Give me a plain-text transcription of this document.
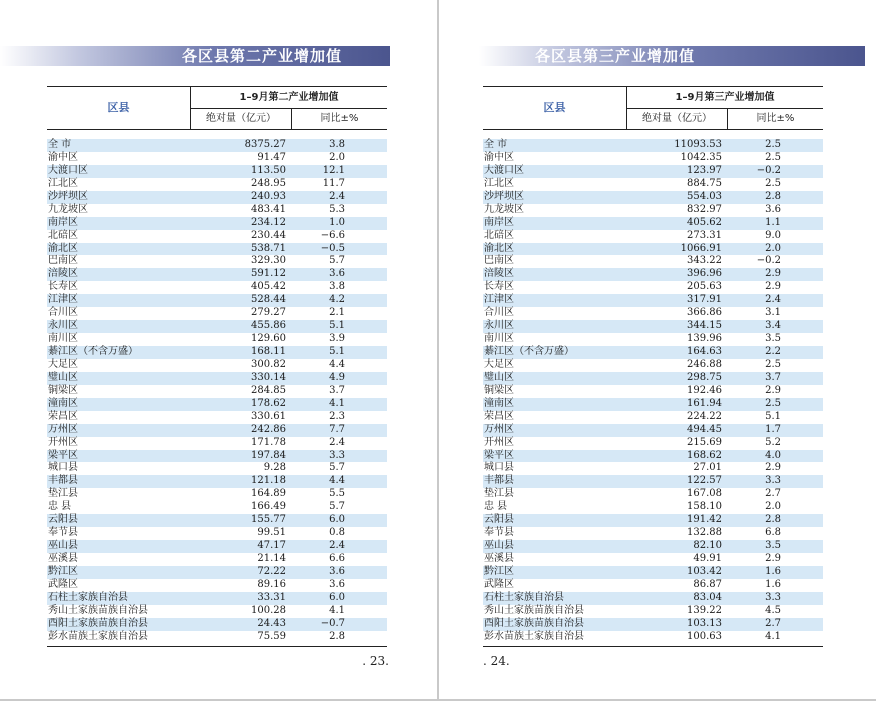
各区县第二产业增加值
区县
1–9月第二产业增加值
绝对量（亿元）	同比±%
全 市	8375.27	3.8
渝中区	91.47	2.0
大渡口区	113.50	12.1
江北区	248.95	11.7
沙坪坝区	240.93	2.4
九龙坡区	483.41	5.3
南岸区	234.12	1.0
北碚区	230.44	−6.6
渝北区	538.71	−0.5
巴南区	329.30	5.7
涪陵区	591.12	3.6
长寿区	405.42	3.8
江津区	528.44	4.2
合川区	279.27	2.1
永川区	455.86	5.1
南川区	129.60	3.9
綦江区（不含万盛）	168.11	5.1
大足区	300.82	4.4
璧山区	330.14	4.9
铜梁区	284.85	3.7
潼南区	178.62	4.1
荣昌区	330.61	2.3
万州区	242.86	7.7
开州区	171.78	2.4
梁平区	197.84	3.3
城口县	9.28	5.7
丰都县	121.18	4.4
垫江县	164.89	5.5
忠 县	166.49	5.7
云阳县	155.77	6.0
奉节县	99.51	0.8
巫山县	47.17	2.4
巫溪县	21.14	6.6
黔江区	72.22	3.6
武隆区	89.16	3.6
石柱土家族自治县	33.31	6.0
秀山土家族苗族自治县	100.28	4.1
酉阳土家族苗族自治县	24.43	−0.7
彭水苗族土家族自治县	75.59	2.8
. 23.
各区县第三产业增加值
区县
1–9月第三产业增加值
绝对量（亿元）	同比±%
全 市	11093.53	2.5
渝中区	1042.35	2.5
大渡口区	123.97	−0.2
江北区	884.75	2.5
沙坪坝区	554.03	2.8
九龙坡区	832.97	3.6
南岸区	405.62	1.1
北碚区	273.31	9.0
渝北区	1066.91	2.0
巴南区	343.22	−0.2
涪陵区	396.96	2.9
长寿区	205.63	2.9
江津区	317.91	2.4
合川区	366.86	3.1
永川区	344.15	3.4
南川区	139.96	3.5
綦江区（不含万盛）	164.63	2.2
大足区	246.88	2.5
璧山区	298.75	3.7
铜梁区	192.46	2.9
潼南区	161.94	2.5
荣昌区	224.22	5.1
万州区	494.45	1.7
开州区	215.69	5.2
梁平区	168.62	4.0
城口县	27.01	2.9
丰都县	122.57	3.3
垫江县	167.08	2.7
忠 县	158.10	2.0
云阳县	191.42	2.8
奉节县	132.88	6.8
巫山县	82.10	3.5
巫溪县	49.91	2.9
黔江区	103.42	1.6
武隆区	86.87	1.6
石柱土家族自治县	83.04	3.3
秀山土家族苗族自治县	139.22	4.5
酉阳土家族苗族自治县	103.13	2.7
彭水苗族土家族自治县	100.63	4.1
. 24.
